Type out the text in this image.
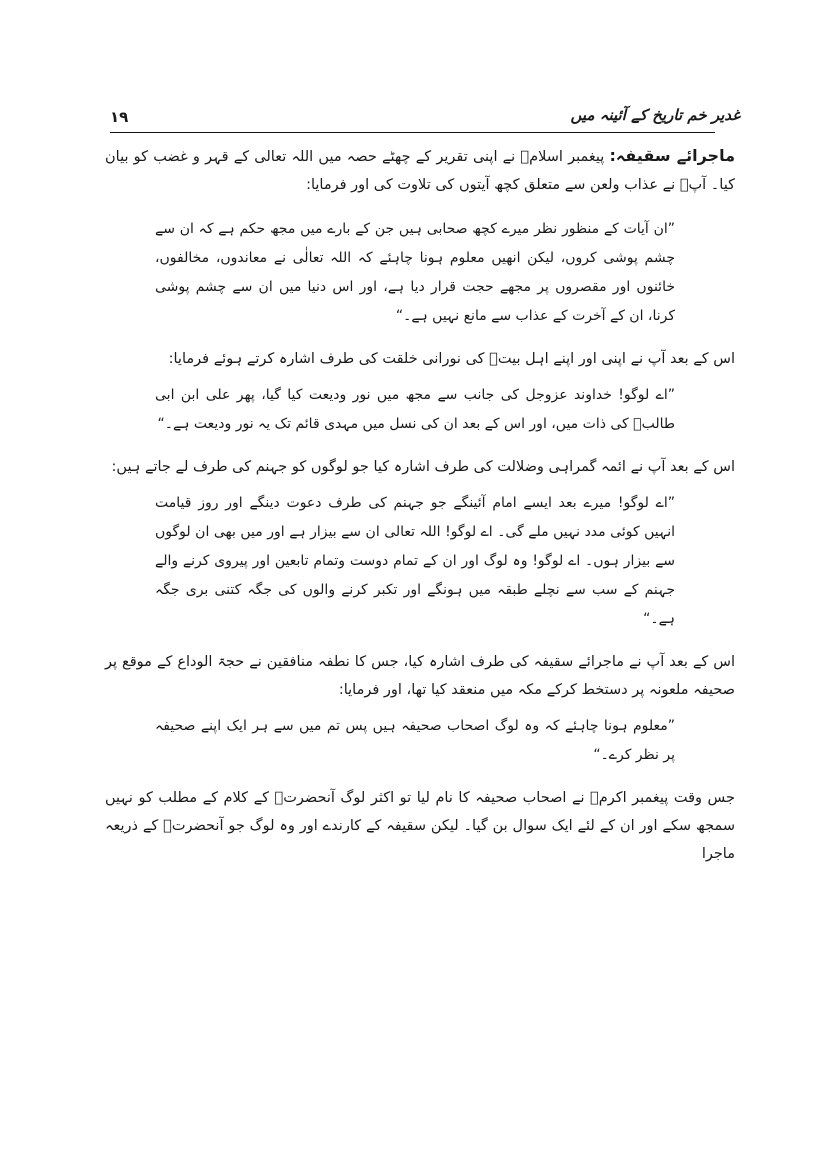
۱۹	غدیر خم تاریخ کے آئینہ میں

ماجرائے سقیفہ: پیغمبر اسلامؐ نے اپنی تقریر کے چھٹے حصہ میں اللہ تعالی کے قہر و غضب کو بیان کیا۔ آپؐ نے عذاب ولعن سے متعلق کچھ آیتوں کی تلاوت کی اور فرمایا:

”ان آیات کے منظور نظر میرے کچھ صحابی ہیں جن کے بارے میں مجھ حکم ہے کہ ان سے چشم پوشی کروں، لیکن انھیں معلوم ہونا چاہئے کہ اللہ تعالٰی نے معاندوں، مخالفوں، خائنوں اور مقصروں پر مجھے حجت قرار دیا ہے، اور اس دنیا میں ان سے چشم پوشی کرنا، ان کے آخرت کے عذاب سے مانع نہیں ہے۔“

اس کے بعد آپ نے اپنی اور اپنے اہل بیتؑ کی نورانی خلقت کی طرف اشارہ کرتے ہوئے فرمایا:

”اے لوگو! خداوند عزوجل کی جانب سے مجھ میں نور ودیعت کیا گیا، پھر علی ابن ابی طالبؑ کی ذات میں، اور اس کے بعد ان کی نسل میں مہدی قائم تک یہ نور ودیعت ہے۔“

اس کے بعد آپ نے ائمہ گمراہی وضلالت کی طرف اشارہ کیا جو لوگوں کو جہنم کی طرف لے جاتے ہیں:

”اے لوگو! میرے بعد ایسے امام آئینگے جو جہنم کی طرف دعوت دینگے اور روز قیامت انہیں کوئی مدد نہیں ملے گی۔ اے لوگو! اللہ تعالی ان سے بیزار ہے اور میں بھی ان لوگوں سے بیزار ہوں۔ اے لوگو! وہ لوگ اور ان کے تمام دوست وتمام تابعین اور پیروی کرنے والے جہنم کے سب سے نچلے طبقہ میں ہونگے اور تکبر کرنے والوں کی جگہ کتنی بری جگہ ہے۔“

اس کے بعد آپ نے ماجرائے سقیفہ کی طرف اشارہ کیا، جس کا نطفہ منافقین نے حجۃ الوداع کے موقع پر صحیفہ ملعونہ پر دستخط کرکے مکہ میں منعقد کیا تھا، اور فرمایا:

”معلوم ہونا چاہئے کہ وہ لوگ اصحاب صحیفہ ہیں پس تم میں سے ہر ایک اپنے صحیفہ پر نظر کرے۔“

جس وقت پیغمبر اکرمؐ نے اصحاب صحیفہ کا نام لیا تو اکثر لوگ آنحضرتؐ کے کلام کے مطلب کو نہیں سمجھ سکے اور ان کے لئے ایک سوال بن گیا۔ لیکن سقیفہ کے کارندے اور وہ لوگ جو آنحضرتؐ کے ذریعہ ماجرا
